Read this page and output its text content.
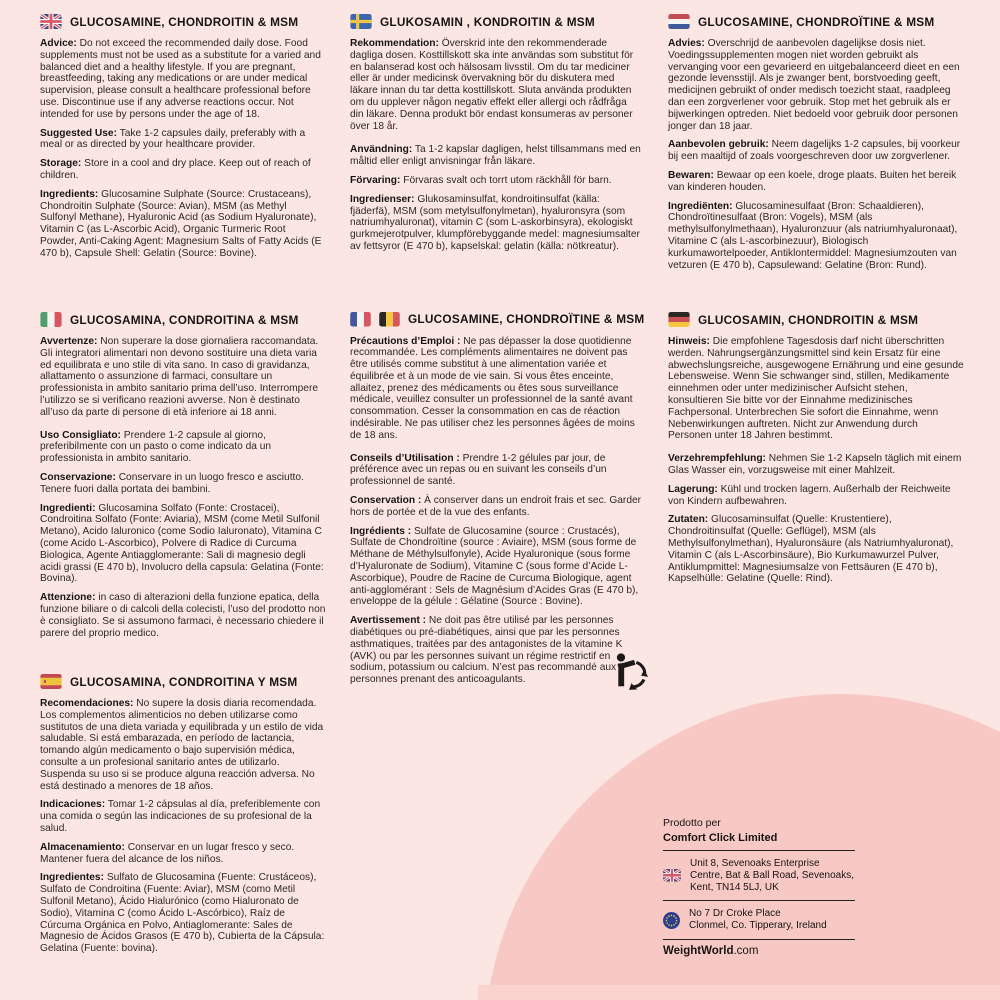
GLUCOSAMINE, CHONDROITIN & MSM

Advice: Do not exceed the recommended daily dose. Food supplements must not be used as a substitute for a varied and balanced diet and a healthy lifestyle. If you are pregnant, breastfeeding, taking any medications or are under medical supervision, please consult a healthcare professional before use. Discontinue use if any adverse reactions occur. Not intended for use by persons under the age of 18.

Suggested Use: Take 1-2 capsules daily, preferably with a meal or as directed by your healthcare provider.

Storage: Store in a cool and dry place. Keep out of reach of children.

Ingredients: Glucosamine Sulphate (Source: Crustaceans), Chondroitin Sulphate (Source: Avian), MSM (as Methyl Sulfonyl Methane), Hyaluronic Acid (as Sodium Hyaluronate), Vitamin C (as L-Ascorbic Acid), Organic Turmeric Root Powder, Anti-Caking Agent: Magnesium Salts of Fatty Acids (E 470 b), Capsule Shell: Gelatin (Source: Bovine).

GLUKOSAMIN , KONDROITIN & MSM

Rekommendation: Överskrid inte den rekommenderade dagliga dosen. Kosttillskott ska inte användas som substitut för en balanserad kost och hälsosam livsstil. Om du tar mediciner eller är under medicinsk övervakning bör du diskutera med läkare innan du tar detta kosttillskott. Sluta använda produkten om du upplever någon negativ effekt eller allergi och rådfråga din läkare. Denna produkt bör endast konsumeras av personer över 18 år.

Användning: Ta 1-2 kapslar dagligen, helst tillsammans med en måltid eller enligt anvisningar från läkare.

Förvaring: Förvaras svalt och torrt utom räckhåll för barn.

Ingredienser: Glukosaminsulfat, kondroitinsulfat (källa: fjäderfä), MSM (som metylsulfonylmetan), hyaluronsyra (som natriumhyaluronat), vitamin C (som L-askorbinsyra), ekologiskt gurkmejerotpulver, klumpförebyggande medel: magnesiumsalter av fettsyror (E 470 b), kapselskal: gelatin (källa: nötkreatur).

GLUCOSAMINE, CHONDROÏTINE & MSM

Advies: Overschrijd de aanbevolen dagelijkse dosis niet. Voedingssupplementen mogen niet worden gebruikt als vervanging voor een gevarieerd en uitgebalanceerd dieet en een gezonde levensstijl. Als je zwanger bent, borstvoeding geeft, medicijnen gebruikt of onder medisch toezicht staat, raadpleeg dan een zorgverlener voor gebruik. Stop met het gebruik als er bijwerkingen optreden. Niet bedoeld voor gebruik door personen jonger dan 18 jaar.

Aanbevolen gebruik: Neem dagelijks 1-2 capsules, bij voorkeur bij een maaltijd of zoals voorgeschreven door uw zorgverlener.

Bewaren: Bewaar op een koele, droge plaats. Buiten het bereik van kinderen houden.

Ingrediënten: Glucosaminesulfaat (Bron: Schaaldieren), Chondroïtinesulfaat (Bron: Vogels), MSM (als methylsulfonylmethaan), Hyaluronzuur (als natriumhyaluronaat), Vitamine C (als L-ascorbinezuur), Biologisch kurkumawortelpoeder, Antiklontermiddel: Magnesiumzouten van vetzuren (E 470 b), Capsulewand: Gelatine (Bron: Rund).

GLUCOSAMINA, CONDROITINA & MSM

Avvertenze: Non superare la dose giornaliera raccomandata. Gli integratori alimentari non devono sostituire una dieta varia ed equilibrata e uno stile di vita sano. In caso di gravidanza, allattamento o assunzione di farmaci, consultare un professionista in ambito sanitario prima dell’uso. Interrompere l’utilizzo se si verificano reazioni avverse. Non è destinato all’uso da parte di persone di età inferiore ai 18 anni.

Uso Consigliato: Prendere 1-2 capsule al giorno, preferibilmente con un pasto o come indicato da un professionista in ambito sanitario.

Conservazione: Conservare in un luogo fresco e asciutto. Tenere fuori dalla portata dei bambini.

Ingredienti: Glucosamina Solfato (Fonte: Crostacei), Condroitina Solfato (Fonte: Aviaria), MSM (come Metil Sulfonil Metano), Acido Ialuronico (come Sodio Ialuronato), Vitamina C (come Acido L-Ascorbico), Polvere di Radice di Curcuma Biologica, Agente Antiagglomerante: Sali di magnesio degli acidi grassi (E 470 b), Involucro della capsula: Gelatina (Fonte: Bovina).

Attenzione: in caso di alterazioni della funzione epatica, della funzione biliare o di calcoli della colecisti, l’uso del prodotto non è consigliato. Se si assumono farmaci, è necessario chiedere il parere del proprio medico.

GLUCOSAMINE, CHONDROÏTINE & MSM

Précautions d’Emploi : Ne pas dépasser la dose quotidienne recommandée. Les compléments alimentaires ne doivent pas être utilisés comme substitut à une alimentation variée et équilibrée et à un mode de vie sain. Si vous êtes enceinte, allaitez, prenez des médicaments ou êtes sous surveillance médicale, veuillez consulter un professionnel de la santé avant consommation. Cesser la consommation en cas de réaction indésirable. Ne pas utiliser chez les personnes âgées de moins de 18 ans.

Conseils d’Utilisation : Prendre 1-2 gélules par jour, de préférence avec un repas ou en suivant les conseils d’un professionnel de santé.

Conservation : À conserver dans un endroit frais et sec. Garder hors de portée et de la vue des enfants.

Ingrédients : Sulfate de Glucosamine (source : Crustacés), Sulfate de Chondroïtine (source : Aviaire), MSM (sous forme de Méthane de Méthylsulfonyle), Acide Hyaluronique (sous forme d’Hyaluronate de Sodium), Vitamine C (sous forme d’Acide L-Ascorbique), Poudre de Racine de Curcuma Biologique, agent anti-agglomérant : Sels de Magnésium d’Acides Gras (E 470 b), enveloppe de la gélule : Gélatine (Source : Bovine).

Avertissement : Ne doit pas être utilisé par les personnes diabétiques ou pré-diabétiques, ainsi que par les personnes asthmatiques, traitées par des antagonistes de la vitamine K (AVK) ou par les personnes suivant un régime restrictif en sodium, potassium ou calcium. N’est pas recommandé aux personnes prenant des anticoagulants.

GLUCOSAMIN, CHONDROITIN & MSM

Hinweis: Die empfohlene Tagesdosis darf nicht überschritten werden. Nahrungsergänzungsmittel sind kein Ersatz für eine abwechslungsreiche, ausgewogene Ernährung und eine gesunde Lebensweise. Wenn Sie schwanger sind, stillen, Medikamente einnehmen oder unter medizinischer Aufsicht stehen, konsultieren Sie bitte vor der Einnahme medizinisches Fachpersonal. Unterbrechen Sie sofort die Einnahme, wenn Nebenwirkungen auftreten. Nicht zur Anwendung durch Personen unter 18 Jahren bestimmt.

Verzehrempfehlung: Nehmen Sie 1-2 Kapseln täglich mit einem Glas Wasser ein, vorzugsweise mit einer Mahlzeit.

Lagerung: Kühl und trocken lagern. Außerhalb der Reichweite von Kindern aufbewahren.

Zutaten: Glucosaminsulfat (Quelle: Krustentiere), Chondroitinsulfat (Quelle: Geflügel), MSM (als Methylsulfonylmethan), Hyaluronsäure (als Natriumhyaluronat), Vitamin C (als L-Ascorbinsäure), Bio Kurkumawurzel Pulver, Antiklumpmittel: Magnesiumsalze von Fettsäuren (E 470 b), Kapselhülle: Gelatine (Quelle: Rind).

GLUCOSAMINA, CONDROITINA Y MSM

Recomendaciones: No supere la dosis diaria recomendada. Los complementos alimenticios no deben utilizarse como sustitutos de una dieta variada y equilibrada y un estilo de vida saludable. Si está embarazada, en período de lactancia, tomando algún medicamento o bajo supervisión médica, consulte a un profesional sanitario antes de utilizarlo. Suspenda su uso si se produce alguna reacción adversa. No está destinado a menores de 18 años.

Indicaciones: Tomar 1-2 cápsulas al día, preferiblemente con una comida o según las indicaciones de su profesional de la salud.

Almacenamiento: Conservar en un lugar fresco y seco. Mantener fuera del alcance de los niños.

Ingredientes: Sulfato de Glucosamina (Fuente: Crustáceos), Sulfato de Condroitina (Fuente: Aviar), MSM (como Metil Sulfonil Metano), Ácido Hialurónico (como Hialuronato de Sodio), Vitamina C (como Ácido L-Ascórbico), Raíz de Cúrcuma Orgánica en Polvo, Antiaglomerante: Sales de Magnesio de Ácidos Grasos (E 470 b), Cubierta de la Cápsula: Gelatina (Fuente: bovina).

Prodotto per
Comfort Click Limited
Unit 8, Sevenoaks Enterprise Centre, Bat & Ball Road, Sevenoaks, Kent, TN14 5LJ, UK
No 7 Dr Croke Place
Clonmel, Co. Tipperary, Ireland
WeightWorld.com
